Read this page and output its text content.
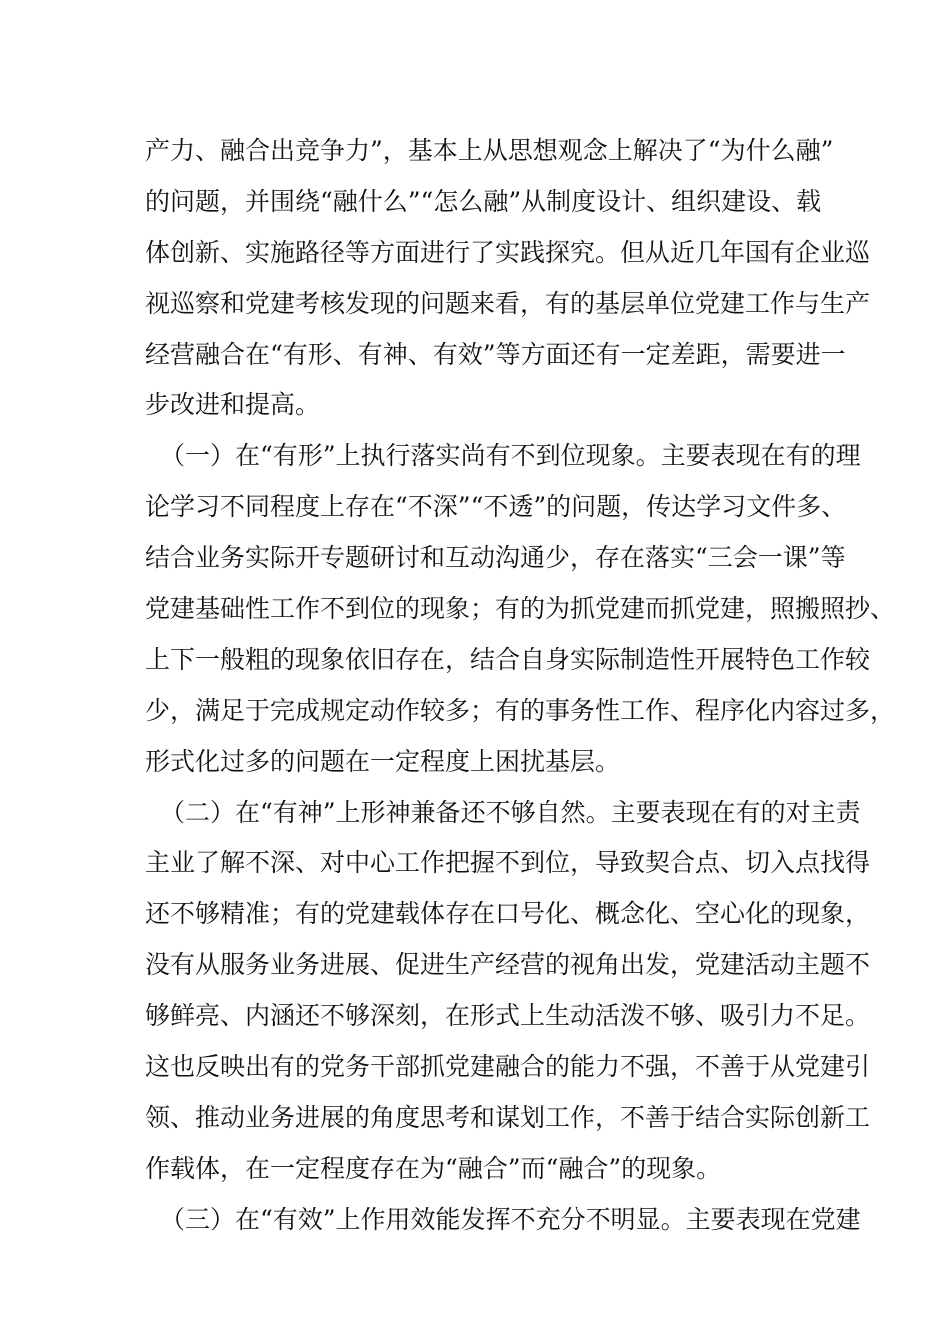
产力、融合出竞争力”，基本上从思想观念上解决了“为什么融”
的问题，并围绕“融什么”“怎么融”从制度设计、组织建设、载
体创新、实施路径等方面进行了实践探究。但从近几年国有企业巡
视巡察和党建考核发现的问题来看，有的基层单位党建工作与生产
经营融合在“有形、有神、有效”等方面还有一定差距，需要进一
步改进和提高。
（一）在“有形”上执行落实尚有不到位现象。主要表现在有的理
论学习不同程度上存在“不深”“不透”的问题，传达学习文件多、
结合业务实际开专题研讨和互动沟通少，存在落实“三会一课”等
党建基础性工作不到位的现象；有的为抓党建而抓党建，照搬照抄、
上下一般粗的现象依旧存在，结合自身实际制造性开展特色工作较
少，满足于完成规定动作较多；有的事务性工作、程序化内容过多，
形式化过多的问题在一定程度上困扰基层。
（二）在“有神”上形神兼备还不够自然。主要表现在有的对主责
主业了解不深、对中心工作把握不到位，导致契合点、切入点找得
还不够精准；有的党建载体存在口号化、概念化、空心化的现象，
没有从服务业务进展、促进生产经营的视角出发，党建活动主题不
够鲜亮、内涵还不够深刻，在形式上生动活泼不够、吸引力不足。
这也反映出有的党务干部抓党建融合的能力不强，不善于从党建引
领、推动业务进展的角度思考和谋划工作，不善于结合实际创新工
作载体，在一定程度存在为“融合”而“融合”的现象。
（三）在“有效”上作用效能发挥不充分不明显。主要表现在党建
